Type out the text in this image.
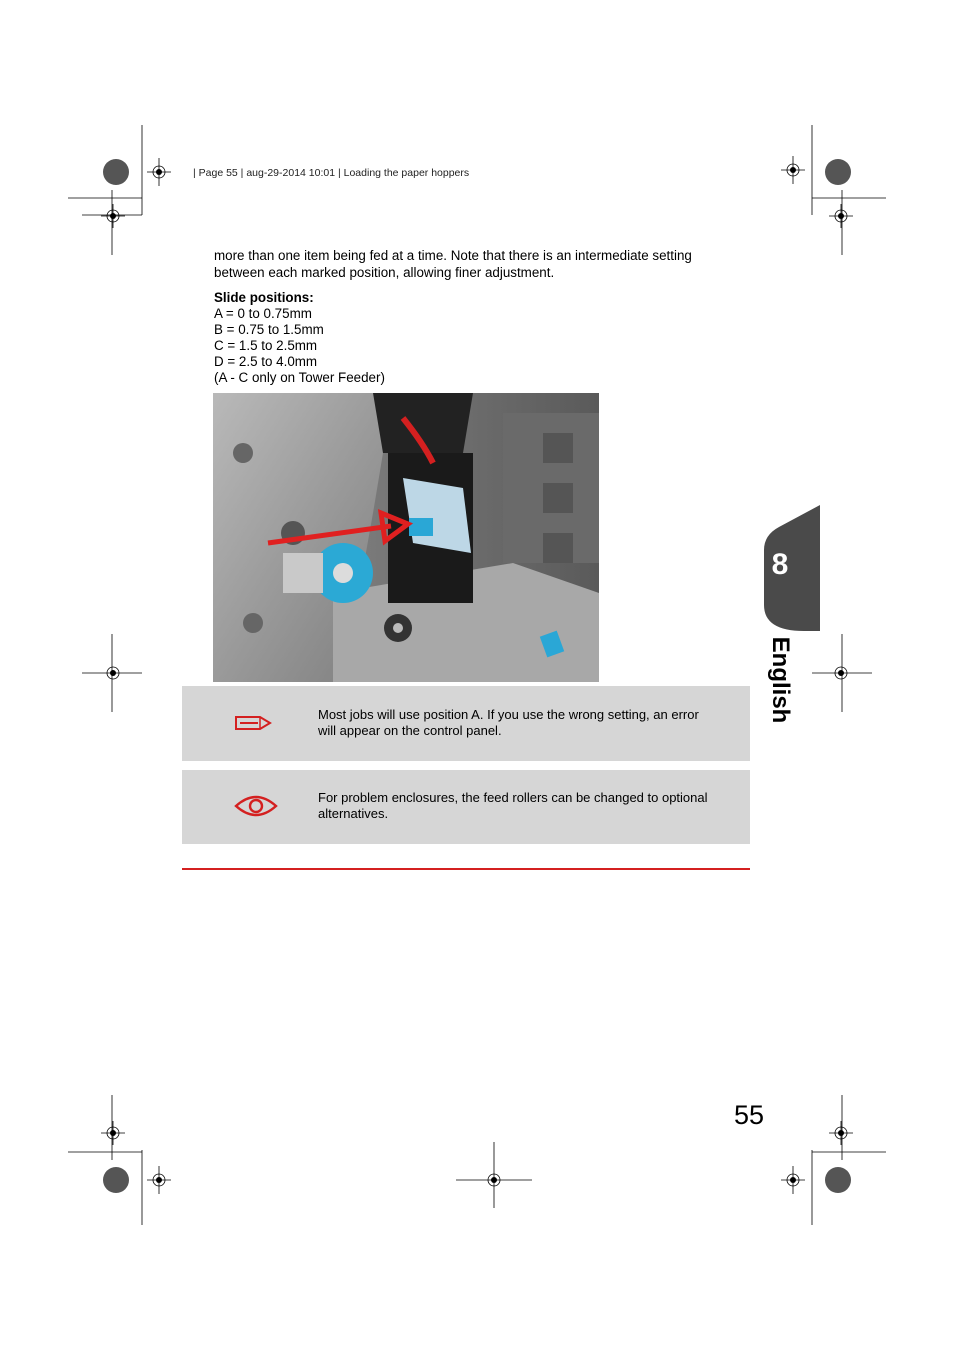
| Page 55 | aug-29-2014 10:01 | Loading the paper hoppers
more than one item being fed at a time. Note that there is an intermediate setting
between each marked position, allowing finer adjustment.
Slide positions:
A = 0 to 0.75mm
B = 0.75 to 1.5mm
C = 1.5 to 2.5mm
D = 2.5 to 4.0mm
(A - C only on Tower Feeder)
Most jobs will use position A. If you use the wrong setting, an error
will appear on the control panel.
For problem enclosures, the feed rollers can be changed to optional
alternatives.
8
English
55
